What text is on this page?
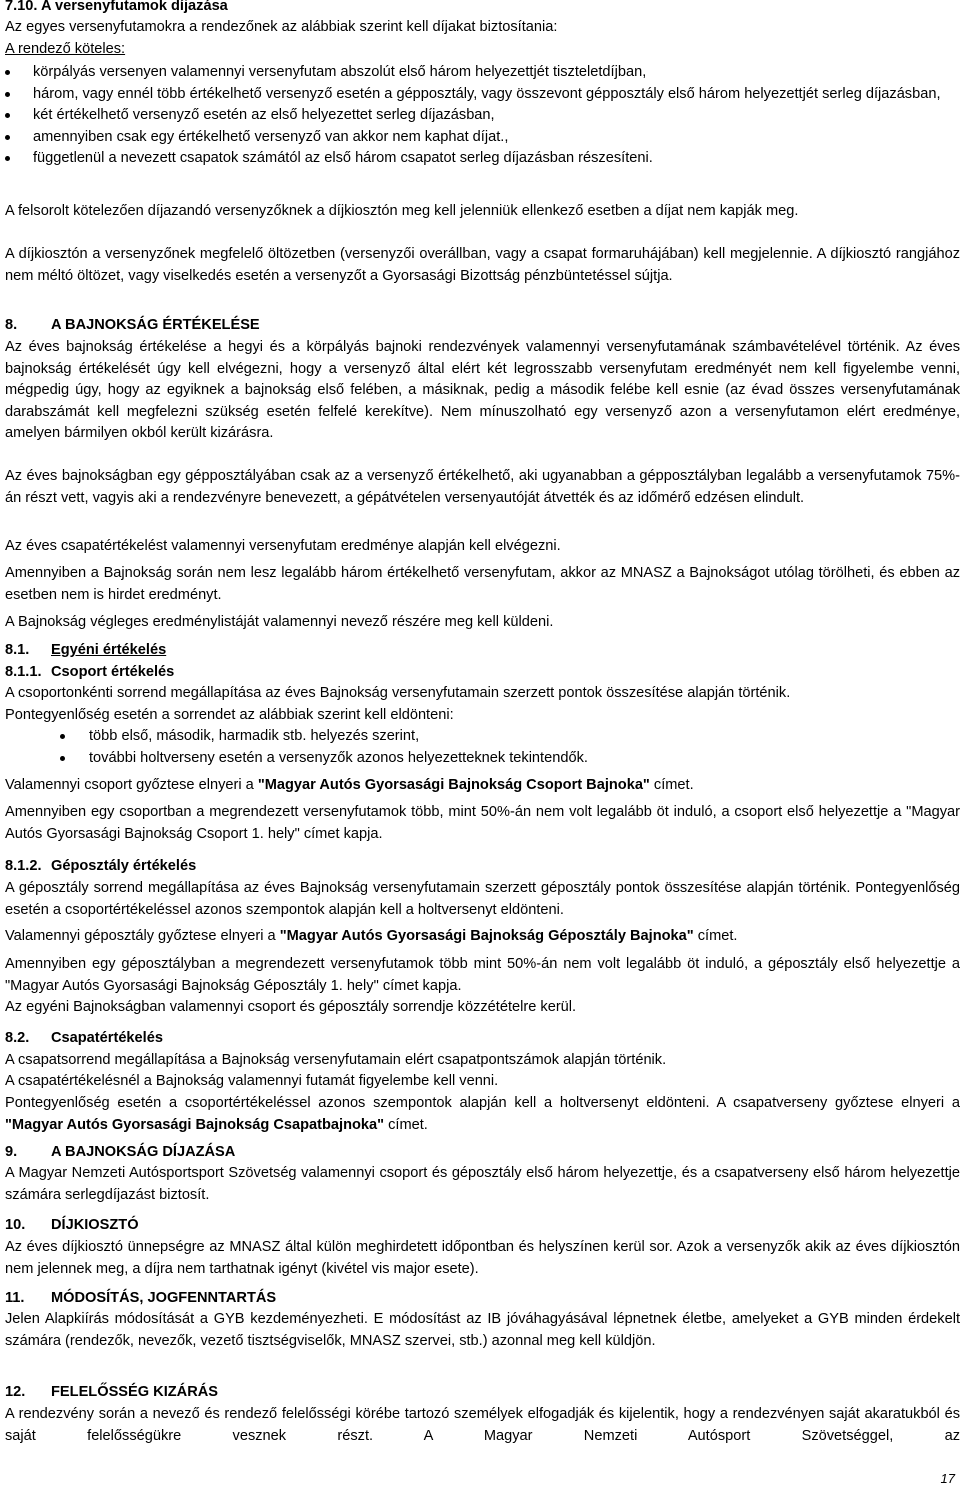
7.10. A versenyfutamok díjazása

Az egyes versenyfutamokra a rendezőnek az alábbiak szerint kell díjakat biztosítania:

A rendező köteles:

körpályás versenyen valamennyi versenyfutam abszolút első három helyezettjét tiszteletdíjban,
három, vagy ennél több értékelhető versenyző esetén a gépposztály, vagy összevont gépposztály első három helyezettjét serleg díjazásban,
két értékelhető versenyző esetén az első helyezettet serleg díjazásban,
amennyiben csak egy értékelhető versenyző van akkor nem kaphat díjat.,
függetlenül a nevezett csapatok számától az első három csapatot serleg díjazásban részesíteni.

A felsorolt kötelezően díjazandó versenyzőknek a díjkiosztón meg kell jelenniük ellenkező esetben a díjat nem kapják meg.

A díjkiosztón a versenyzőnek megfelelő öltözetben (versenyzői overállban, vagy a csapat formaruhájában) kell megjelennie. A díjkiosztó rangjához nem méltó öltözet, vagy viselkedés esetén a versenyzőt a Gyorsasági Bizottság pénzbüntetéssel sújtja.

8. A BAJNOKSÁG ÉRTÉKELÉSE

Az éves bajnokság értékelése a hegyi és a körpályás bajnoki rendezvények valamennyi versenyfutamának számbavételével történik. Az éves bajnokság értékelését úgy kell elvégezni, hogy a versenyző által elért két legrosszabb versenyfutam eredményét nem kell figyelembe venni, mégpedig úgy, hogy az egyiknek a bajnokság első felében, a másiknak, pedig a második felébe kell esnie (az évad összes versenyfutamának darabszámát kell megfelezni szükség esetén felfelé kerekítve). Nem mínuszolható egy versenyző azon a versenyfutamon elért eredménye, amelyen bármilyen okból került kizárásra.

Az éves bajnokságban egy gépposztályában csak az a versenyző értékelhető, aki ugyanabban a gépposztályban legalább a versenyfutamok 75%- án részt vett, vagyis aki a rendezvényre benevezett, a gépátvételen versenyautóját átvették és az időmérő edzésen elindult.

Az éves csapatértékelést valamennyi versenyfutam eredménye alapján kell elvégezni.

Amennyiben a Bajnokság során nem lesz legalább három értékelhető versenyfutam, akkor az MNASZ a Bajnokságot utólag törölheti, és ebben az esetben nem is hirdet eredményt.

A Bajnokság végleges eredménylistáját valamennyi nevező részére meg kell küldeni.

8.1. Egyéni értékelés
8.1.1. Csoport értékelés

A csoportonkénti sorrend megállapítása az éves Bajnokság versenyfutamain szerzett pontok összesítése alapján történik.

Pontegyenlőség esetén a sorrendet az alábbiak szerint kell eldönteni:

több első, második, harmadik stb. helyezés szerint,
további holtverseny esetén a versenyzők azonos helyezetteknek tekintendők.

Valamennyi csoport győztese elnyeri a "Magyar Autós Gyorsasági Bajnokság Csoport Bajnoka" címet.

Amennyiben egy csoportban a megrendezett versenyfutamok több, mint 50%-án nem volt legalább öt induló, a csoport első helyezettje a "Magyar Autós Gyorsasági Bajnokság Csoport 1. hely" címet kapja.

8.1.2. Géposztály értékelés

A géposztály sorrend megállapítása az éves Bajnokság versenyfutamain szerzett géposztály pontok összesítése alapján történik. Pontegyenlőség esetén a csoportértékeléssel azonos szempontok alapján kell a holtversenyt eldönteni.

Valamennyi géposztály győztese elnyeri a "Magyar Autós Gyorsasági Bajnokság Géposztály Bajnoka" címet.

Amennyiben egy géposztályban a megrendezett versenyfutamok több mint 50%-án nem volt legalább öt induló, a géposztály első helyezettje a "Magyar Autós Gyorsasági Bajnokság Géposztály 1. hely" címet kapja.

Az egyéni Bajnokságban valamennyi csoport és géposztály sorrendje közzétételre kerül.

8.2. Csapatértékelés

A csapatsorrend megállapítása a Bajnokság versenyfutamain elért csapatpontszámok alapján történik.

A csapatértékelésnél a Bajnokság valamennyi futamát figyelembe kell venni.

Pontegyenlőség esetén a csoportértékeléssel azonos szempontok alapján kell a holtversenyt eldönteni. A csapatverseny győztese elnyeri a "Magyar Autós Gyorsasági Bajnokság Csapatbajnoka" címet.

9. A BAJNOKSÁG DÍJAZÁSA

A Magyar Nemzeti Autósportsport Szövetség valamennyi csoport és géposztály első három helyezettje, és a csapatverseny első három helyezettje számára serlegdíjazást biztosít.

10. DÍJKIOSZTÓ

Az éves díjkiosztó ünnepségre az MNASZ által külön meghirdetett időpontban és helyszínen kerül sor. Azok a versenyzők akik az éves díjkiosztón nem jelennek meg, a díjra nem tarthatnak igényt (kivétel vis major esete).

11. MÓDOSÍTÁS, JOGFENNTARTÁS

Jelen Alapkiírás módosítását a GYB kezdeményezheti. E módosítást az IB jóváhagyásával lépnetnek életbe, amelyeket a GYB minden érdekelt számára (rendezők, nevezők, vezető tisztségviselők, MNASZ szervei, stb.) azonnal meg kell küldjön.

12. FELELŐSSÉG KIZÁRÁS

A rendezvény során a nevező és rendező felelősségi körébe tartozó személyek elfogadják és kijelentik, hogy a rendezvényen saját akaratukból és saját felelősségükre vesznek részt. A Magyar Nemzeti Autósport Szövetséggel, az

17
